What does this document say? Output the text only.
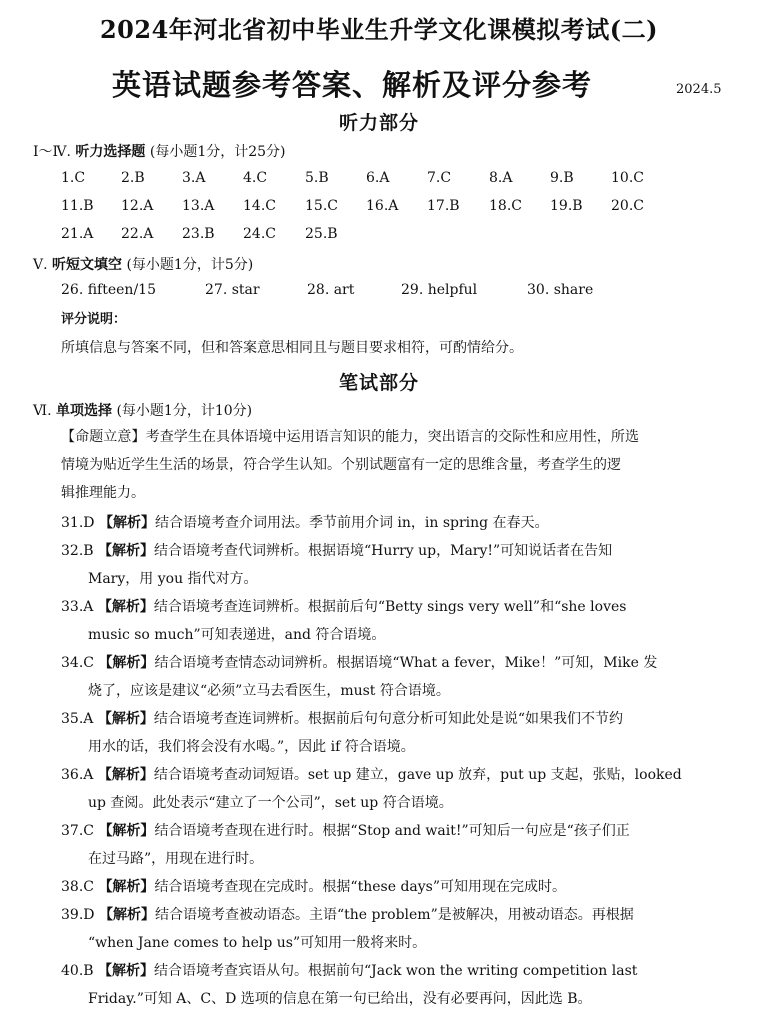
2024年河北省初中毕业生升学文化课模拟考试(二)
英语试题参考答案、解析及评分参考	2024.5
听力部分
Ⅰ～Ⅳ. 听力选择题 (每小题1分，计25分)
1.C	2.B	3.A	4.C	5.B	6.A	7.C	8.A	9.B	10.C
11.B 12.A 13.A 14.C 15.C 16.A 17.B 18.C 19.B 20.C
21.A 22.A 23.B 24.C 25.B
Ⅴ. 听短文填空 (每小题1分，计5分)
26. fifteen/15	27. star	28. art	29. helpful	30. share
评分说明：
所填信息与答案不同，但和答案意思相同且与题目要求相符，可酌情给分。
笔试部分
Ⅵ. 单项选择 (每小题1分，计10分)
【命题立意】考查学生在具体语境中运用语言知识的能力，突出语言的交际性和应用性，所选
情境为贴近学生生活的场景，符合学生认知。个别试题富有一定的思维含量，考查学生的逻
辑推理能力。
31.D 【解析】结合语境考查介词用法。季节前用介词 in，in spring 在春天。
32.B 【解析】结合语境考查代词辨析。根据语境“Hurry up，Mary!”可知说话者在告知
Mary，用 you 指代对方。
33.A 【解析】结合语境考查连词辨析。根据前后句“Betty sings very well”和“she loves
music so much”可知表递进，and 符合语境。
34.C 【解析】结合语境考查情态动词辨析。根据语境“What a fever，Mike！”可知，Mike 发
烧了，应该是建议“必须”立马去看医生，must 符合语境。
35.A 【解析】结合语境考查连词辨析。根据前后句句意分析可知此处是说“如果我们不节约
用水的话，我们将会没有水喝。”，因此 if 符合语境。
36.A 【解析】结合语境考查动词短语。set up 建立，gave up 放弃，put up 支起，张贴，looked
up 查阅。此处表示“建立了一个公司”，set up 符合语境。
37.C 【解析】结合语境考查现在进行时。根据“Stop and wait!”可知后一句应是“孩子们正
在过马路”，用现在进行时。
38.C 【解析】结合语境考查现在完成时。根据“these days”可知用现在完成时。
39.D 【解析】结合语境考查被动语态。主语“the problem”是被解决，用被动语态。再根据
“when Jane comes to help us”可知用一般将来时。
40.B 【解析】结合语境考查宾语从句。根据前句“Jack won the writing competition last
Friday.”可知 A、C、D 选项的信息在第一句已给出，没有必要再问，因此选 B。
